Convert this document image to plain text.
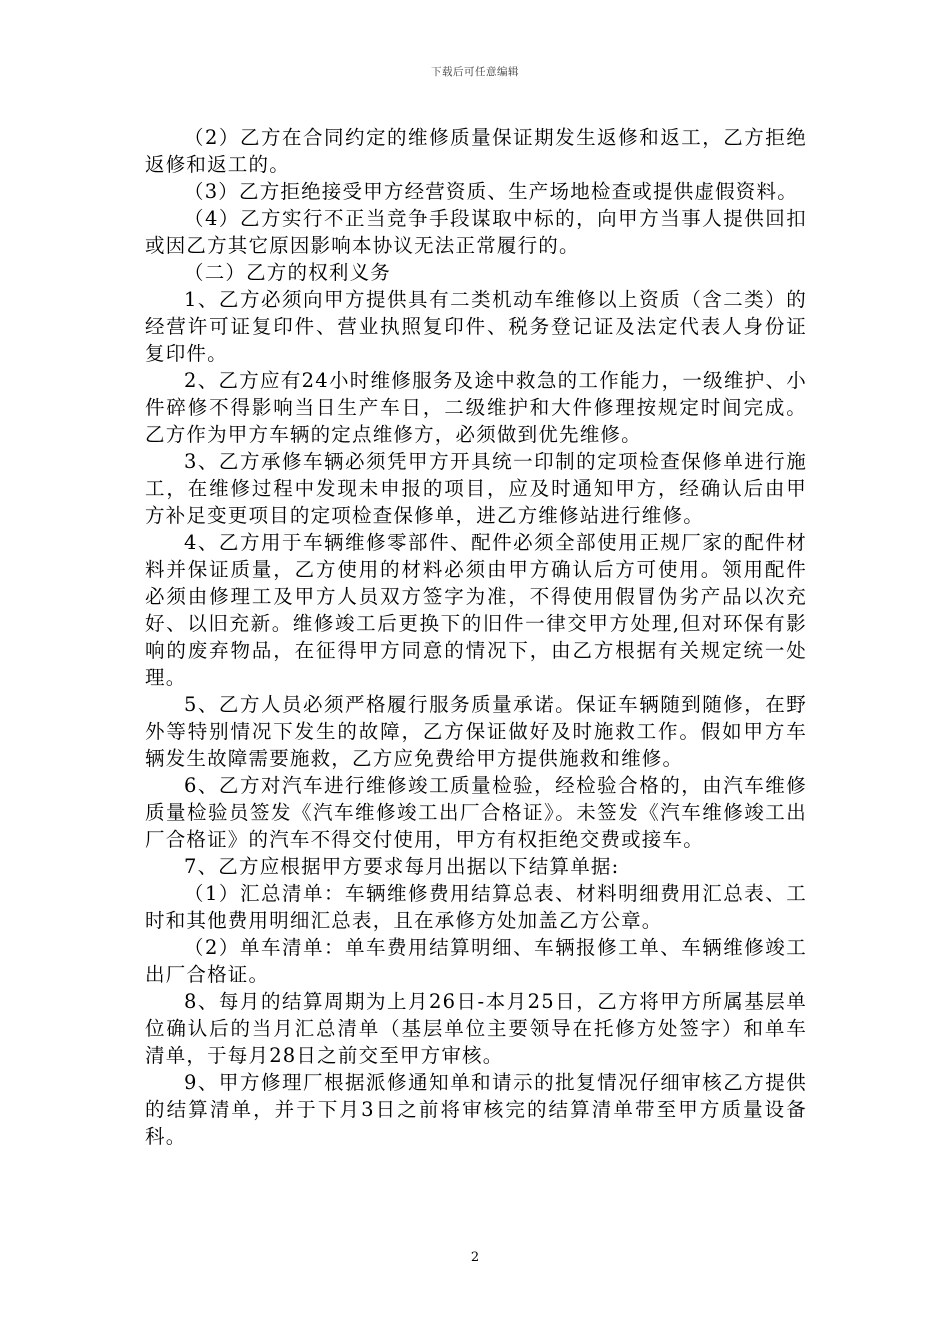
下载后可任意编辑

（2）乙方在合同约定的维修质量保证期发生返修和返工，乙方拒绝返修和返工的。

（3）乙方拒绝接受甲方经营资质、生产场地检查或提供虚假资料。

（4）乙方实行不正当竞争手段谋取中标的，向甲方当事人提供回扣或因乙方其它原因影响本协议无法正常履行的。

（二）乙方的权利义务

1、乙方必须向甲方提供具有二类机动车维修以上资质（含二类）的经营许可证复印件、营业执照复印件、税务登记证及法定代表人身份证复印件。

2、乙方应有24小时维修服务及途中救急的工作能力，一级维护、小件碎修不得影响当日生产车日，二级维护和大件修理按规定时间完成。乙方作为甲方车辆的定点维修方，必须做到优先维修。

3、乙方承修车辆必须凭甲方开具统一印制的定项检查保修单进行施工，在维修过程中发现未申报的项目，应及时通知甲方，经确认后由甲方补足变更项目的定项检查保修单，进乙方维修站进行维修。

4、乙方用于车辆维修零部件、配件必须全部使用正规厂家的配件材料并保证质量，乙方使用的材料必须由甲方确认后方可使用。领用配件必须由修理工及甲方人员双方签字为准，不得使用假冒伪劣产品以次充好、以旧充新。维修竣工后更换下的旧件一律交甲方处理,但对环保有影响的废弃物品，在征得甲方同意的情况下，由乙方根据有关规定统一处理。

5、乙方人员必须严格履行服务质量承诺。保证车辆随到随修，在野外等特别情况下发生的故障，乙方保证做好及时施救工作。假如甲方车辆发生故障需要施救，乙方应免费给甲方提供施救和维修。

6、乙方对汽车进行维修竣工质量检验，经检验合格的，由汽车维修质量检验员签发《汽车维修竣工出厂合格证》。未签发《汽车维修竣工出厂合格证》的汽车不得交付使用，甲方有权拒绝交费或接车。

7、乙方应根据甲方要求每月出据以下结算单据:

（1）汇总清单：车辆维修费用结算总表、材料明细费用汇总表、工时和其他费用明细汇总表，且在承修方处加盖乙方公章。

（2）单车清单：单车费用结算明细、车辆报修工单、车辆维修竣工出厂合格证。

8、每月的结算周期为上月26日-本月25日，乙方将甲方所属基层单位确认后的当月汇总清单（基层单位主要领导在托修方处签字）和单车清单，于每月28日之前交至甲方审核。

9、甲方修理厂根据派修通知单和请示的批复情况仔细审核乙方提供的结算清单，并于下月3日之前将审核完的结算清单带至甲方质量设备科。

2
